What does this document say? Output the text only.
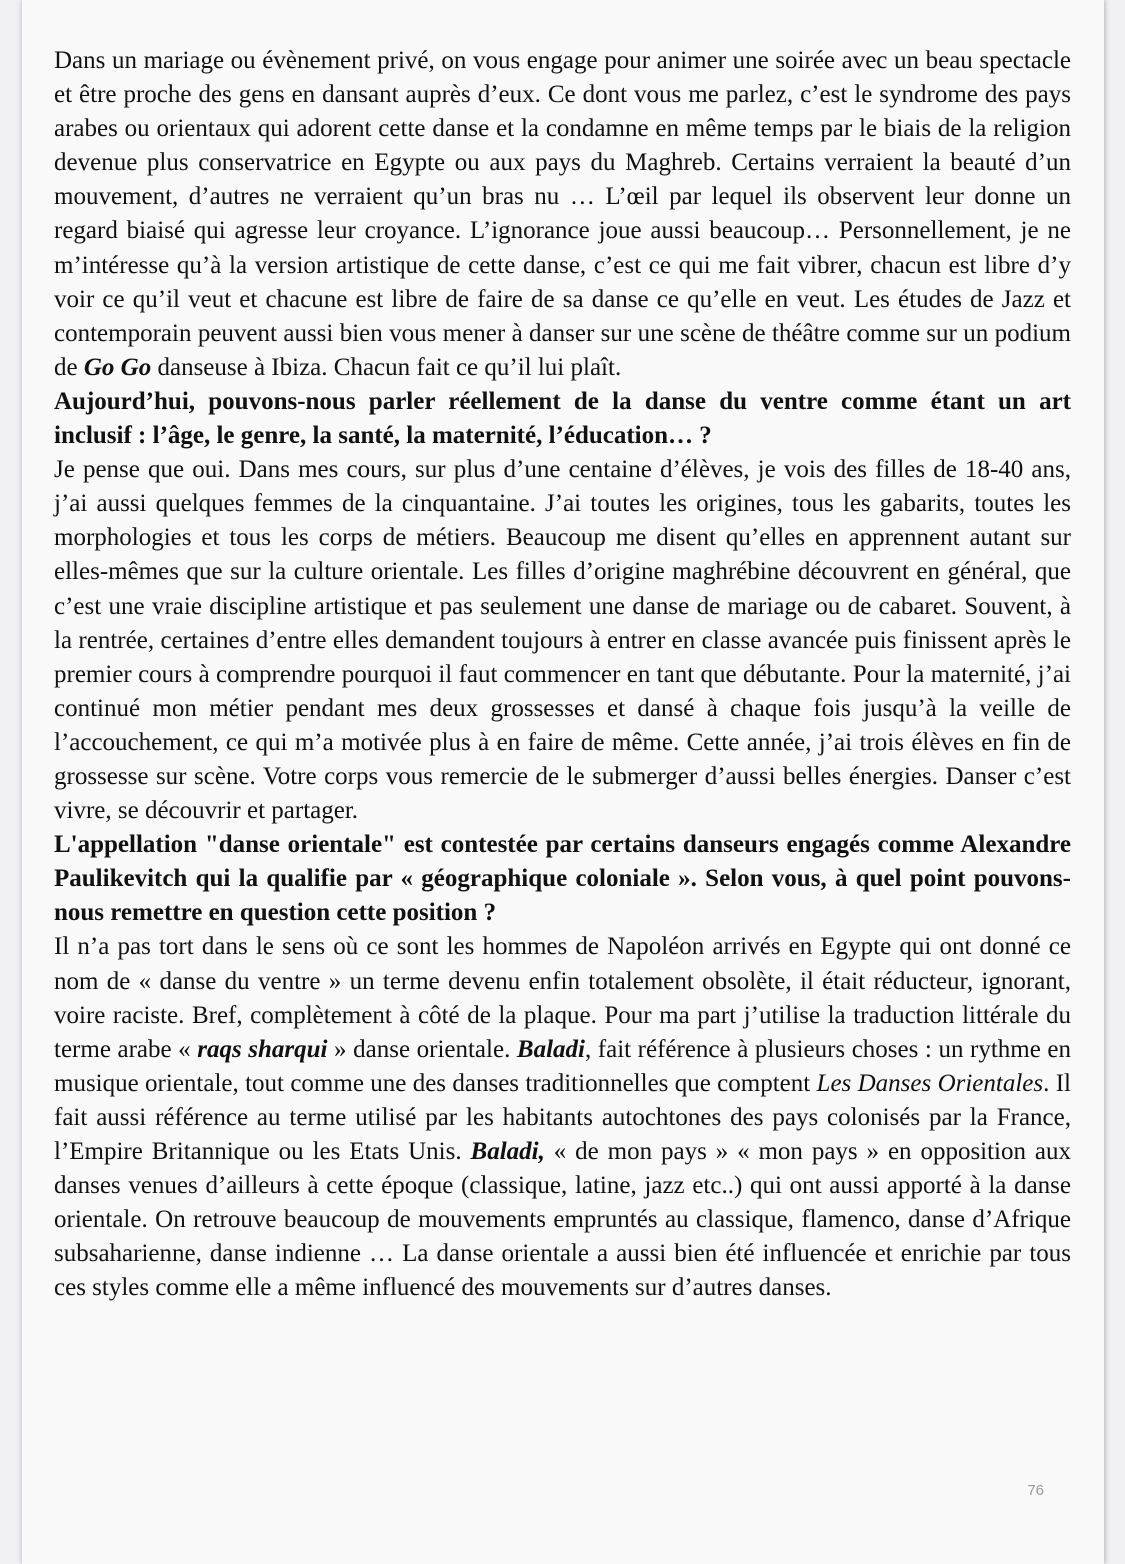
Dans un mariage ou évènement privé, on vous engage pour animer une soirée avec un beau spectacle et être proche des gens en dansant auprès d’eux. Ce dont vous me parlez, c’est le syndrome des pays arabes ou orientaux qui adorent cette danse et la condamne en même temps par le biais de la religion devenue plus conservatrice en Egypte ou aux pays du Maghreb. Certains verraient la beauté d’un mouvement, d’autres ne verraient qu’un bras nu … L’œil par lequel ils observent leur donne un regard biaisé qui agresse leur croyance. L’ignorance joue aussi beaucoup… Personnellement, je ne m’intéresse qu’à la version artistique de cette danse, c’est ce qui me fait vibrer, chacun est libre d’y voir ce qu’il veut et chacune est libre de faire de sa danse ce qu’elle en veut. Les études de Jazz et contemporain peuvent aussi bien vous mener à danser sur une scène de théâtre comme sur un podium de Go Go danseuse à Ibiza. Chacun fait ce qu’il lui plaît.

Aujourd’hui, pouvons-nous parler réellement de la danse du ventre comme étant un art inclusif : l’âge, le genre, la santé, la maternité, l’éducation… ?

Je pense que oui. Dans mes cours, sur plus d’une centaine d’élèves, je vois des filles de 18-40 ans, j’ai aussi quelques femmes de la cinquantaine. J’ai toutes les origines, tous les gabarits, toutes les morphologies et tous les corps de métiers. Beaucoup me disent qu’elles en apprennent autant sur elles-mêmes que sur la culture orientale. Les filles d’origine maghrébine découvrent en général, que c’est une vraie discipline artistique et pas seulement une danse de mariage ou de cabaret. Souvent, à la rentrée, certaines d’entre elles demandent toujours à entrer en classe avancée puis finissent après le premier cours à comprendre pourquoi il faut commencer en tant que débutante. Pour la maternité, j’ai continué mon métier pendant mes deux grossesses et dansé à chaque fois jusqu’à la veille de l’accouchement, ce qui m’a motivée plus à en faire de même. Cette année, j’ai trois élèves en fin de grossesse sur scène. Votre corps vous remercie de le submerger d’aussi belles énergies. Danser c’est vivre, se découvrir et partager.

L'appellation "danse orientale" est contestée par certains danseurs engagés comme Alexandre Paulikevitch qui la qualifie par « géographique coloniale ». Selon vous, à quel point pouvons-nous remettre en question cette position ?

Il n’a pas tort dans le sens où ce sont les hommes de Napoléon arrivés en Egypte qui ont donné ce nom de « danse du ventre » un terme devenu enfin totalement obsolète, il était réducteur, ignorant, voire raciste. Bref, complètement à côté de la plaque. Pour ma part j’utilise la traduction littérale du terme arabe « raqs sharqui » danse orientale. Baladi, fait référence à plusieurs choses : un rythme en musique orientale, tout comme une des danses traditionnelles que comptent Les Danses Orientales. Il fait aussi référence au terme utilisé par les habitants autochtones des pays colonisés par la France, l’Empire Britannique ou les Etats Unis. Baladi, « de mon pays » « mon pays » en opposition aux danses venues d’ailleurs à cette époque (classique, latine, jazz etc..) qui ont aussi apporté à la danse orientale. On retrouve beaucoup de mouvements empruntés au classique, flamenco, danse d’Afrique subsaharienne, danse indienne … La danse orientale a aussi bien été influencée et enrichie par tous ces styles comme elle a même influencé des mouvements sur d’autres danses.

76
